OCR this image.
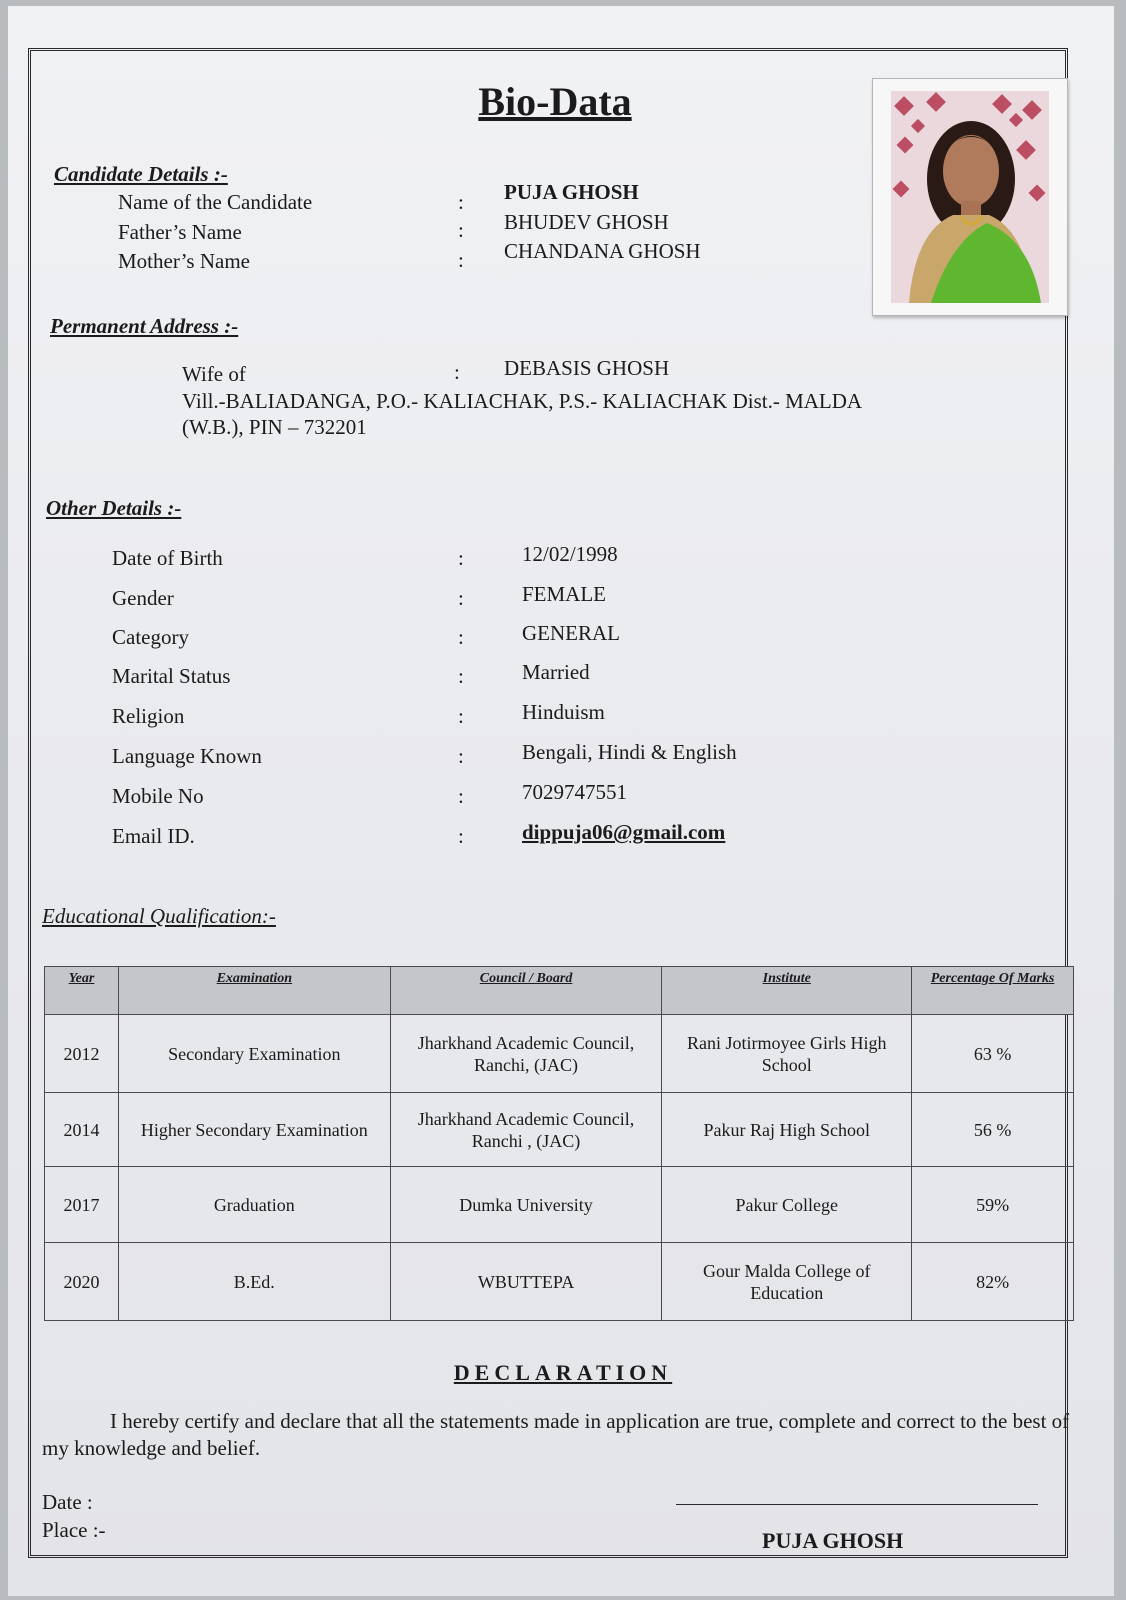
Bio-Data
Candidate Details :-
Name of the Candidate	: PUJA GHOSH
Father’s Name	: BHUDEV GHOSH
Mother’s Name	: CHANDANA GHOSH
Permanent Address :-
Wife of	: DEBASIS GHOSH
Vill.-BALIADANGA, P.O.- KALIACHAK, P.S.- KALIACHAK Dist.- MALDA
(W.B.), PIN – 732201
Other Details :-
Date of Birth	:	12/02/1998
Gender	:	FEMALE
Category	:	GENERAL
Marital Status	:	Married
Religion	:	Hinduism
Language Known	:	Bengali, Hindi & English
Mobile No	:	7029747551
Email ID.	:	dippuja06@gmail.com
Educational Qualification:-
Year	Examination	Council / Board	Institute	Percentage Of Marks
2012	Secondary Examination	Jharkhand Academic Council, Ranchi, (JAC)	Rani Jotirmoyee Girls High School	63 %
2014	Higher Secondary Examination	Jharkhand Academic Council, Ranchi , (JAC)	Pakur Raj High School	56 %
2017	Graduation	Dumka University	Pakur College	59%
2020	B.Ed.	WBUTTEPA	Gour Malda College of Education	82%
DECLARATION
I hereby certify and declare that all the statements made in application are true, complete and correct to the best of my knowledge and belief.
Date :
Place :-	PUJA GHOSH
